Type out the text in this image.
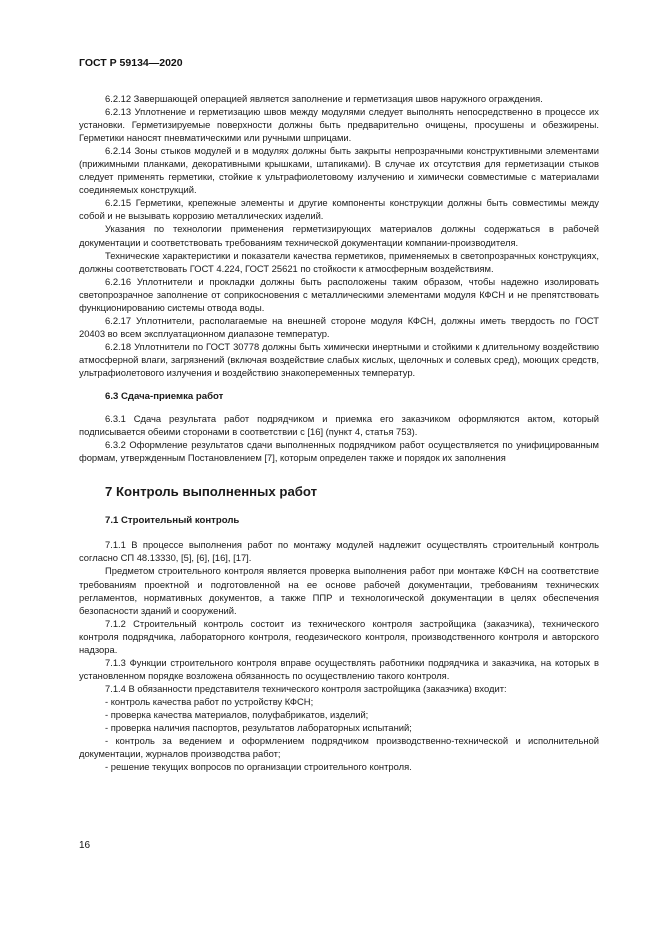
ГОСТ Р 59134—2020

6.2.12 Завершающей операцией является заполнение и герметизация швов наружного ограждения.

6.2.13 Уплотнение и герметизацию швов между модулями следует выполнять непосредственно в процессе их установки. Герметизируемые поверхности должны быть предварительно очищены, просушены и обезжирены. Герметики наносят пневматическими или ручными шприцами.

6.2.14 Зоны стыков модулей и в модулях должны быть закрыты непрозрачными конструктивными элементами (прижимными планками, декоративными крышками, штапиками). В случае их отсутствия для герметизации стыков следует применять герметики, стойкие к ультрафиолетовому излучению и химически совместимые с материалами соединяемых конструкций.

6.2.15 Герметики, крепежные элементы и другие компоненты конструкции должны быть совместимы между собой и не вызывать коррозию металлических изделий.

Указания по технологии применения герметизирующих материалов должны содержаться в рабочей документации и соответствовать требованиям технической документации компании-производителя.

Технические характеристики и показатели качества герметиков, применяемых в светопрозрачных конструкциях, должны соответствовать ГОСТ 4.224, ГОСТ 25621 по стойкости к атмосферным воздействиям.

6.2.16 Уплотнители и прокладки должны быть расположены таким образом, чтобы надежно изолировать светопрозрачное заполнение от соприкосновения с металлическими элементами модуля КФСН и не препятствовать функционированию системы отвода воды.

6.2.17 Уплотнители, располагаемые на внешней стороне модуля КФСН, должны иметь твердость по ГОСТ 20403 во всем эксплуатационном диапазоне температур.

6.2.18 Уплотнители по ГОСТ 30778 должны быть химически инертными и стойкими к длительному воздействию атмосферной влаги, загрязнений (включая воздействие слабых кислых, щелочных и солевых сред), моющих средств, ультрафиолетового излучения и воздействию знакопеременных температур.

6.3 Сдача-приемка работ

6.3.1 Сдача результата работ подрядчиком и приемка его заказчиком оформляются актом, который подписывается обеими сторонами в соответствии с [16] (пункт 4, статья 753).

6.3.2 Оформление результатов сдачи выполненных подрядчиком работ осуществляется по унифицированным формам, утвержденным Постановлением [7], которым определен также и порядок их заполнения

7 Контроль выполненных работ
7.1 Строительный контроль

7.1.1 В процессе выполнения работ по монтажу модулей надлежит осуществлять строительный контроль согласно СП 48.13330, [5], [6], [16], [17].

Предметом строительного контроля является проверка выполнения работ при монтаже КФСН на соответствие требованиям проектной и подготовленной на ее основе рабочей документации, требованиям технических регламентов, нормативных документов, а также ППР и технологической документации в целях обеспечения безопасности зданий и сооружений.

7.1.2 Строительный контроль состоит из технического контроля застройщика (заказчика), технического контроля подрядчика, лабораторного контроля, геодезического контроля, производственного контроля и авторского надзора.

7.1.3 Функции строительного контроля вправе осуществлять работники подрядчика и заказчика, на которых в установленном порядке возложена обязанность по осуществлению такого контроля.

7.1.4 В обязанности представителя технического контроля застройщика (заказчика) входит:

- контроль качества работ по устройству КФСН;
- проверка качества материалов, полуфабрикатов, изделий;
- проверка наличия паспортов, результатов лабораторных испытаний;
- контроль за ведением и оформлением подрядчиком производственно-технической и исполнительной документации, журналов производства работ;
- решение текущих вопросов по организации строительного контроля.
16
